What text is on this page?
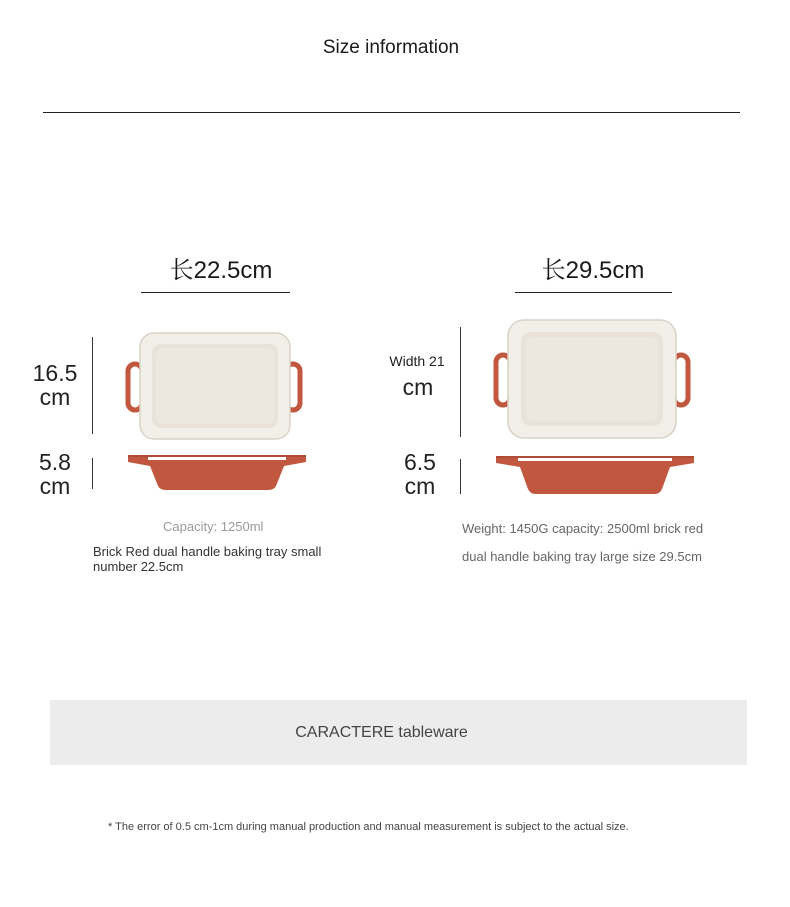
Size information
长22.5cm
16.5
cm
5.8
cm
Capacity: 1250ml
Brick Red dual handle baking tray small number 22.5cm
长29.5cm
Width 21
cm
6.5
cm
Weight: 1450G capacity: 2500ml brick red
dual handle baking tray large size 29.5cm
CARACTERE tableware
* The error of 0.5 cm-1cm during manual production and manual measurement is subject to the actual size.
